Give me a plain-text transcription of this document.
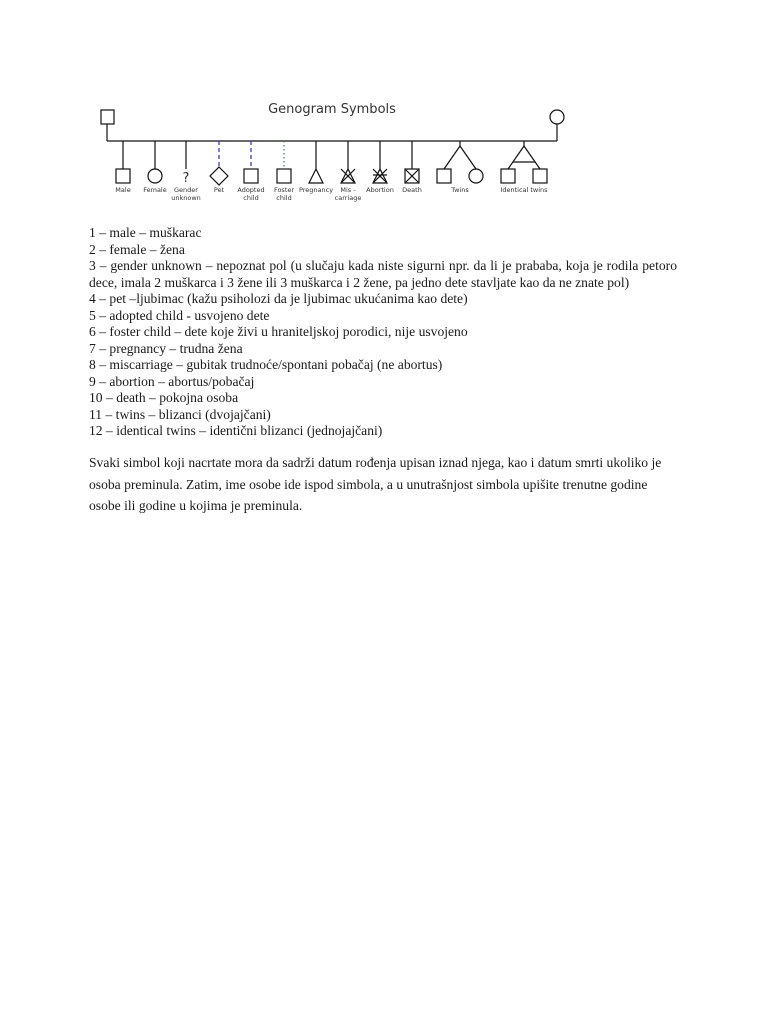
Genogram Symbols
?
Male Female Gender
unknown
Pet Adopted
child
Foster
child
Pregnancy Mis -
carriage
Abortion Death	Twins	Identical twins

1 – male – muškarac

2 – female – žena

3 – gender unknown – nepoznat pol (u slučaju kada niste sigurni npr. da li je prababa, koja je rodila petoro dece, imala 2 muškarca i 3 žene ili 3 muškarca i 2 žene, pa jedno dete stavljate kao da ne znate pol)

4 – pet –ljubimac (kažu psiholozi da je ljubimac ukućanima kao dete)

5 – adopted child - usvojeno dete

6 – foster child – dete koje živi u hraniteljskoj porodici, nije usvojeno

7 – pregnancy – trudna žena

8 – miscarriage – gubitak trudnoće/spontani pobačaj (ne abortus)

9 – abortion – abortus/pobačaj

10 – death – pokojna osoba

11 – twins – blizanci (dvojajčani)

12 – identical twins – identični blizanci (jednojajčani)

Svaki simbol koji nacrtate mora da sadrži datum rođenja upisan iznad njega, kao i datum smrti ukoliko je osoba preminula. Zatim, ime osobe ide ispod simbola, a u unutrašnjost simbola upišite trenutne godine osobe ili godine u kojima je preminula.
